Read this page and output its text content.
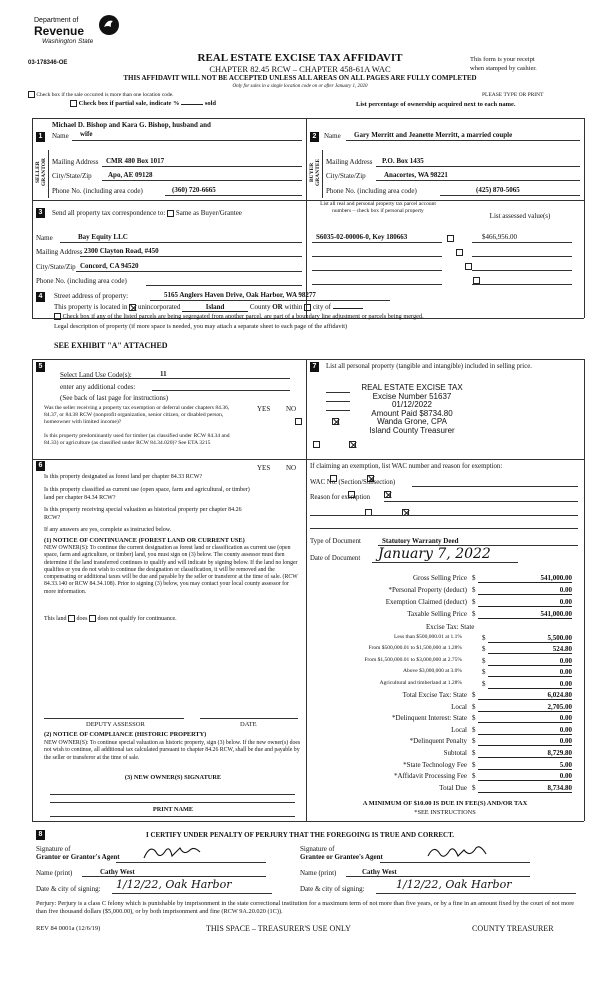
Department of
Revenue
Washington State
03-178346-OE	REAL ESTATE EXCISE TAX AFFIDAVIT
CHAPTER 82.45 RCW – CHAPTER 458-61A WAC
This form is your receipt
when stamped by cashier.
THIS AFFIDAVIT WILL NOT BE ACCEPTED UNLESS ALL AREAS ON ALL PAGES ARE FULLY COMPLETED
Only for sales in a single location code on or after January 1, 2020
Check box if the sale occurred is more than one location code.	PLEASE TYPE OR PRINT
Check box if partial sale, indicate %	sold	List percentage of ownership acquired next to each name.
1
Michael D. Bishop and Kara G. Bishop, husband and
Name wife
SELLER GRANTOR Mailing Address CMR 480 Box 1017
City/State/Zip Apo, AE 09128
Phone No. (including area code)	(360) 720-6665
2	Name Gary Merritt and Jeanette Merritt, a married couple
BUYER GRANTEE Mailing Address P.O. Box 1435
City/State/Zip	Anacortes, WA 98221
Phone No. (including area code)	(425) 870-5065
3	Send all property tax correspondence to: Same as Buyer/Grantee
List all real and personal property tax parcel account numbers – check box if personal property
List assessed value(s)
Name	Bay Equity LLC
Mailing Address 2300 Clayton Road, #450
City/State/Zip Concord, CA 94520
Phone No. (including area code)
S6035-02-00006-0, Key 180663
	$466,956.00

4	Street address of property:	5165 Anglers Haven Drive, Oak Harbor, WA 98277
This property is located in unincorporated	Island	County OR within city of
Check box if any of the listed parcels are being segregated from another parcel, are part of a boundary line adjustment or parcels being merged.
Legal description of property (if more space is needed, you may attach a separate sheet to each page of the affidavit)
SEE EXHIBIT "A" ATTACHED
5
Select Land Use Code(s):	11
enter any additional codes:
(See back of last page for instructions)
YES NO
Was the seller receiving a property tax exemption or deferral under chapters 84.36, 84.37, or 84.38 RCW (nonprofit organization, senior citizen, or disabled person, homeowner with limited income)?

Is this property predominantly used for timber (as classified under RCW 84.34 and 84.33) or agriculture (as classified under RCW 84.34.020)? See ETA 3215

6	YES NO
Is this property designated as forest land per chapter 84.33 RCW?

Is this property classified as current use (open space, farm and agricultural, or timber) land per chapter 84.34 RCW?

Is this property receiving special valuation as historical property per chapter 84.26 RCW?

If any answers are yes, complete as instructed below.
(1) NOTICE OF CONTINUANCE (FOREST LAND OR CURRENT USE)
NEW OWNER(S): To continue the current designation as forest land or classification as current use (open space, farm and agriculture, or timber) land, you must sign on (3) below. The county assessor must then determine if the land transferred continues to qualify and will indicate by signing below. If the land no longer qualifies or you do not wish to continue the designation or classification, it will be removed and the compensating or additional taxes will be due and payable by the seller or transferor at the time of sale. (RCW 84.33.140 or RCW 84.34.108). Prior to signing (3) below, you may contact your local county assessor for more information.
This land does does not qualify for continuance.
DEPUTY ASSESSOR	DATE
(2) NOTICE OF COMPLIANCE (HISTORIC PROPERTY)
NEW OWNER(S): To continue special valuation as historic property, sign (3) below. If the new owner(s) does not wish to continue, all additional tax calculated pursuant to chapter 84.26 RCW, shall be due and payable by the seller or transferor at the time of sale.
(3) NEW OWNER(S) SIGNATURE
PRINT NAME
7	List all personal property (tangible and intangible) included in selling price.
REAL ESTATE EXCISE TAX
Excise Number 51637
01/12/2022
Amount Paid $8734.80
Wanda Grone, CPA
Island County Treasurer
If claiming an exemption, list WAC number and reason for exemption:
WAC No. (Section/Subsection)
Reason for exemption
Type of Document	Statutory Warranty Deed
Date of Document January 7, 2022
Gross Selling Price $	541,000.00
*Personal Property (deduct) $	0.00
Exemption Claimed (deduct) $	0.00
Taxable Selling Price $	541,000.00
Excise Tax: State
Less than $500,000.01 at 1.1%	$	5,500.00
From $500,000.01 to $1,500,000 at 1.28%	$	524.80
From $1,500,000.01 to $3,000,000 at 2.75%	$	0.00
Above $3,000,000 at 3.0%	$	0.00
Agricultural and timberland at 1.28%	$	0.00
Total Excise Tax: State $	6,024.80
Local $	2,705.00
*Delinquent Interest: State $	0.00
Local $	0.00
*Delinquent Penalty $	0.00
Subtotal $	8,729.80
*State Technology Fee $	5.00
*Affidavit Processing Fee $	0.00
Total Due $	8,734.80
A MINIMUM OF $10.00 IS DUE IN FEE(S) AND/OR TAX
*SEE INSTRUCTIONS
8	I CERTIFY UNDER PENALTY OF PERJURY THAT THE FOREGOING IS TRUE AND CORRECT.
Signature of
Grantor or Grantor's Agent
Signature of
Grantee or Grantee's Agent
Name (print)	Cathy West	Name (print)	Cathy West
Date & city of signing: 1/12/22, Oak Harbor	Date & city of signing:	1/12/22, Oak Harbor
Perjury: Perjury is a class C felony which is punishable by imprisonment in the state correctional institution for a maximum term of not more than five years, or by a fine in an amount fixed by the court of not more than five thousand dollars ($5,000.00), or by both imprisonment and fine (RCW 9A.20.020 (1C)).
REV 84 0001a (12/6/19)	THIS SPACE – TREASURER'S USE ONLY	COUNTY TREASURER
